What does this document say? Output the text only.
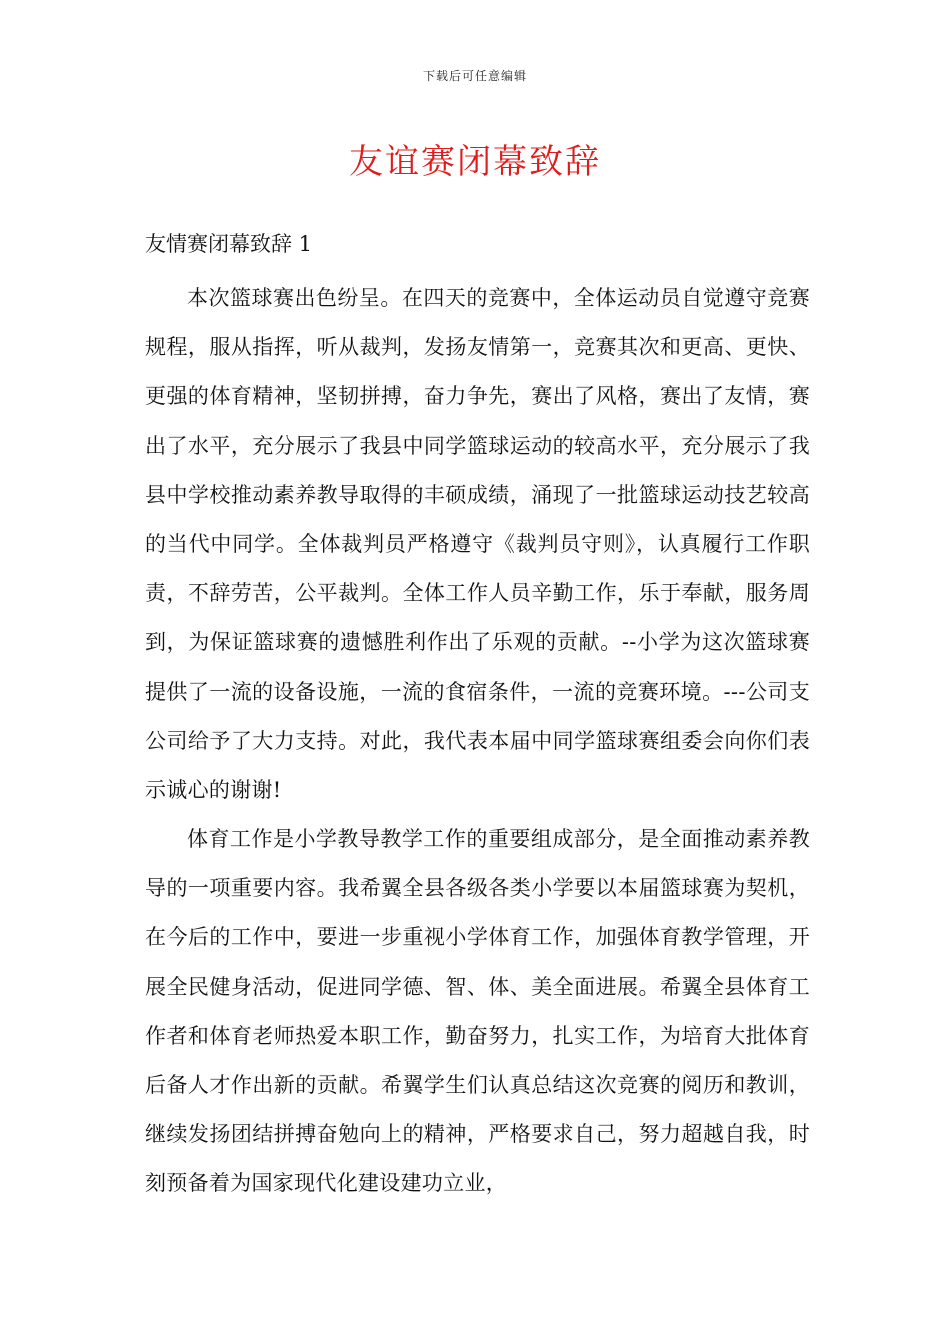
下载后可任意编辑
友谊赛闭幕致辞
友情赛闭幕致辞 1

本次篮球赛出色纷呈。在四天的竞赛中，全体运动员自觉遵守竞赛规程，服从指挥，听从裁判，发扬友情第一，竞赛其次和更高、更快、更强的体育精神，坚韧拼搏，奋力争先，赛出了风格，赛出了友情，赛出了水平，充分展示了我县中同学篮球运动的较高水平，充分展示了我县中学校推动素养教导取得的丰硕成绩，涌现了一批篮球运动技艺较高的当代中同学。全体裁判员严格遵守《裁判员守则》，认真履行工作职责，不辞劳苦，公平裁判。全体工作人员辛勤工作，乐于奉献，服务周到，为保证篮球赛的遗憾胜利作出了乐观的贡献。--小学为这次篮球赛提供了一流的设备设施，一流的食宿条件，一流的竞赛环境。---公司支公司给予了大力支持。对此，我代表本届中同学篮球赛组委会向你们表示诚心的谢谢!

体育工作是小学教导教学工作的重要组成部分，是全面推动素养教导的一项重要内容。我希翼全县各级各类小学要以本届篮球赛为契机，在今后的工作中，要进一步重视小学体育工作，加强体育教学管理，开展全民健身活动，促进同学德、智、体、美全面进展。希翼全县体育工作者和体育老师热爱本职工作，勤奋努力，扎实工作，为培育大批体育后备人才作出新的贡献。希翼学生们认真总结这次竞赛的阅历和教训，继续发扬团结拼搏奋勉向上的精神，严格要求自己，努力超越自我，时刻预备着为国家现代化建设建功立业，
